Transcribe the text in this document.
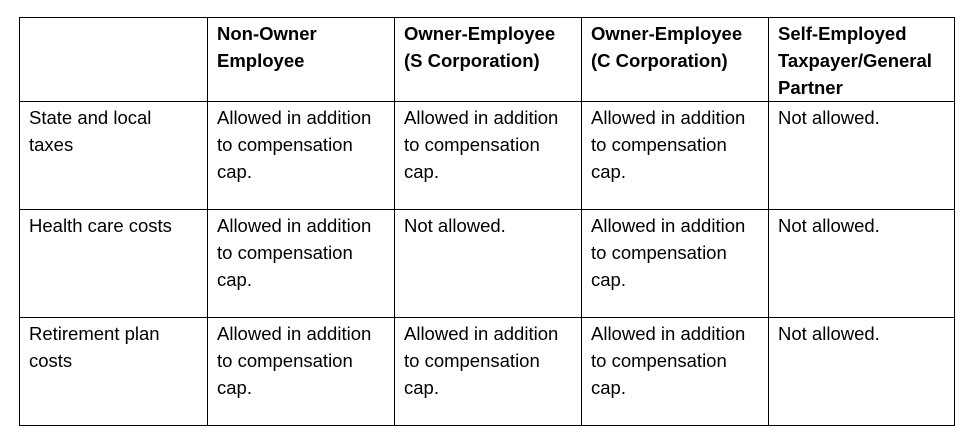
	Non-Owner Employee	Owner-Employee (S Corporation)	Owner-Employee (C Corporation)	Self-Employed Taxpayer/General Partner

State and local taxes	Allowed in addition to compensation cap.	Allowed in addition to compensation cap.	Allowed in addition to compensation cap.	Not allowed.

Health care costs	Allowed in addition to compensation cap.	Not allowed.	Allowed in addition to compensation cap.	Not allowed.

Retirement plan costs	Allowed in addition to compensation cap.	Allowed in addition to compensation cap.	Allowed in addition to compensation cap.	Not allowed.
